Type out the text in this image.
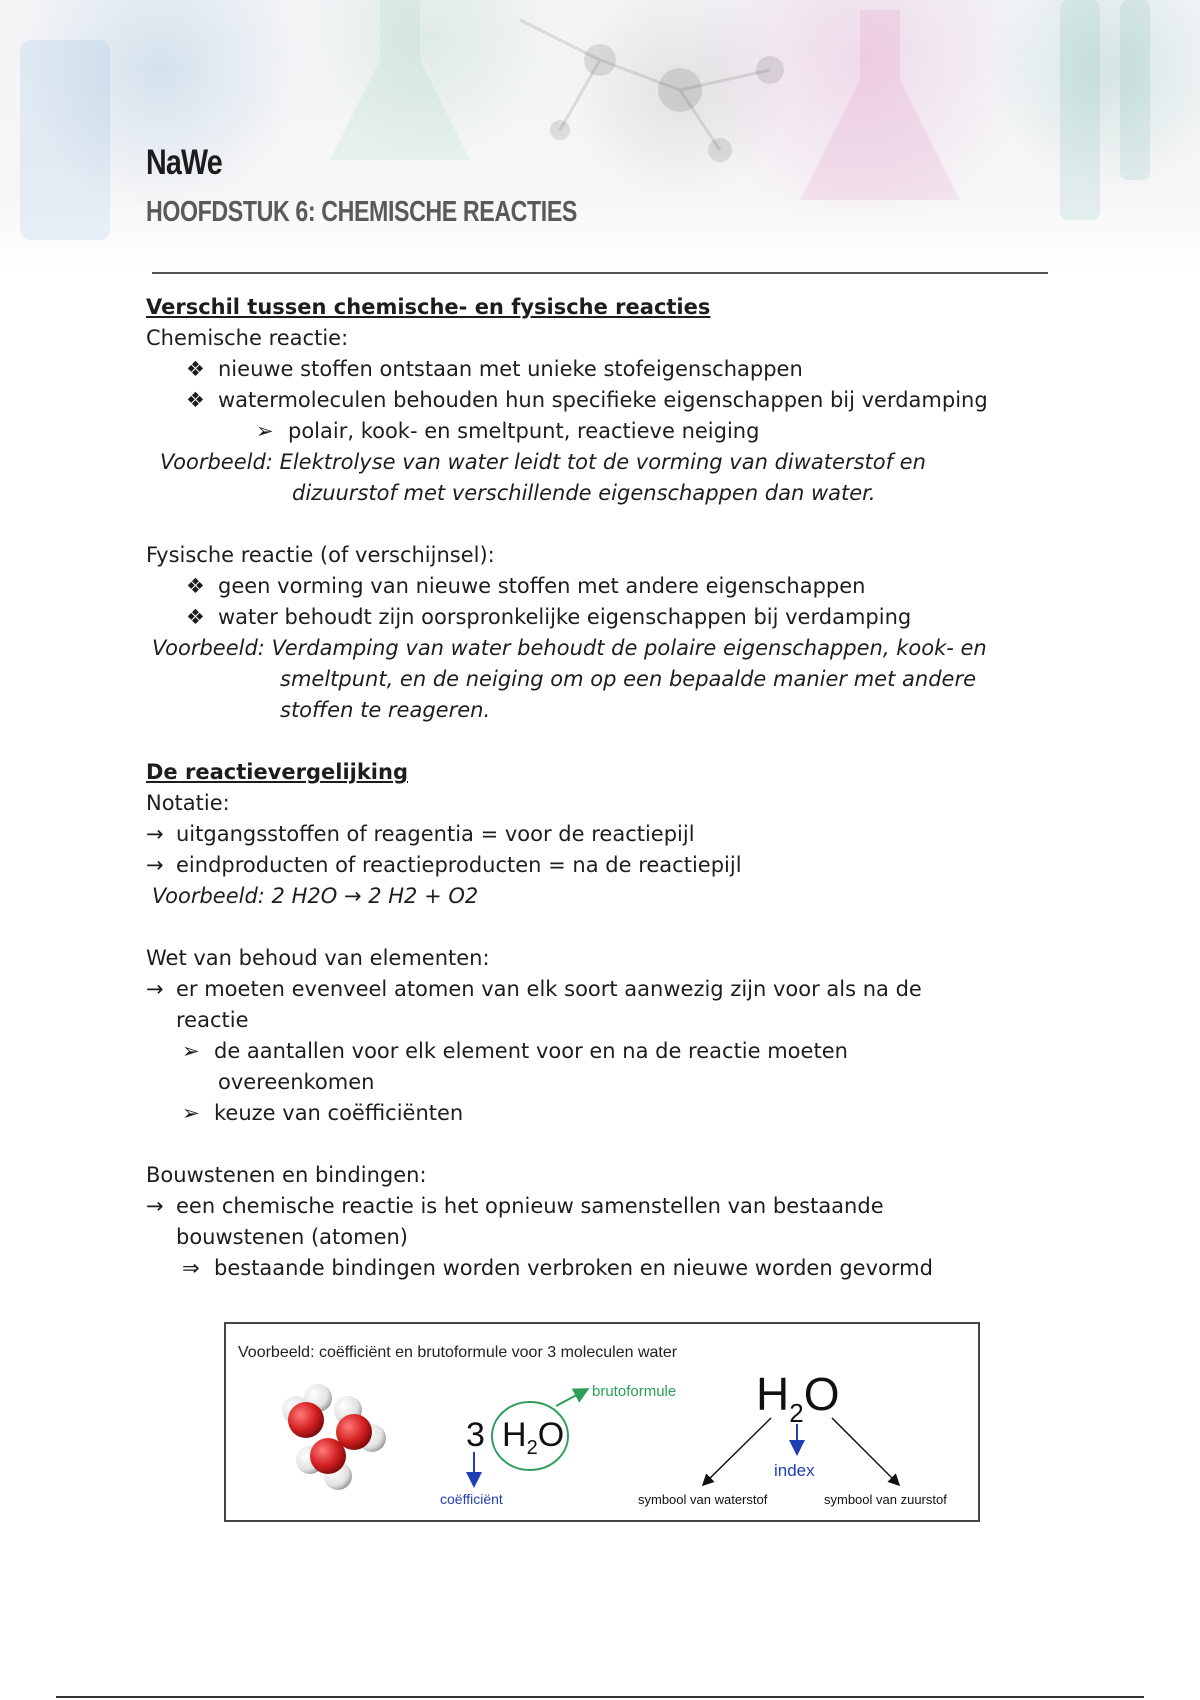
NaWe
HOOFDSTUK 6: CHEMISCHE REACTIES
Verschil tussen chemische- en fysische reacties
Chemische reactie:
❖ nieuwe stoffen ontstaan met unieke stofeigenschappen
❖ watermoleculen behouden hun specifieke eigenschappen bij verdamping
➢ polair, kook- en smeltpunt, reactieve neiging
Voorbeeld: Elektrolyse van water leidt tot de vorming van diwaterstof en
dizuurstof met verschillende eigenschappen dan water.
Fysische reactie (of verschijnsel):
❖ geen vorming van nieuwe stoffen met andere eigenschappen
❖ water behoudt zijn oorspronkelijke eigenschappen bij verdamping
Voorbeeld: Verdamping van water behoudt de polaire eigenschappen, kook- en
smeltpunt, en de neiging om op een bepaalde manier met andere
stoffen te reageren.
De reactievergelijking
Notatie:
→ uitgangsstoffen of reagentia = voor de reactiepijl
→ eindproducten of reactieproducten = na de reactiepijl
Voorbeeld: 2 H2O → 2 H2 + O2
Wet van behoud van elementen:
→ er moeten evenveel atomen van elk soort aanwezig zijn voor als na de
reactie
➢ de aantallen voor elk element voor en na de reactie moeten
overeenkomen
➢ keuze van coëfficiënten
Bouwstenen en bindingen:
→ een chemische reactie is het opnieuw samenstellen van bestaande
bouwstenen (atomen)
⇒ bestaande bindingen worden verbroken en nieuwe worden gevormd
Voorbeeld: coëfficiënt en brutoformule voor 3 moleculen water
3 $H_2O$
brutoformule
coëfficiënt
$H_2O$
index
symbool van waterstof	symbool van zuurstof
